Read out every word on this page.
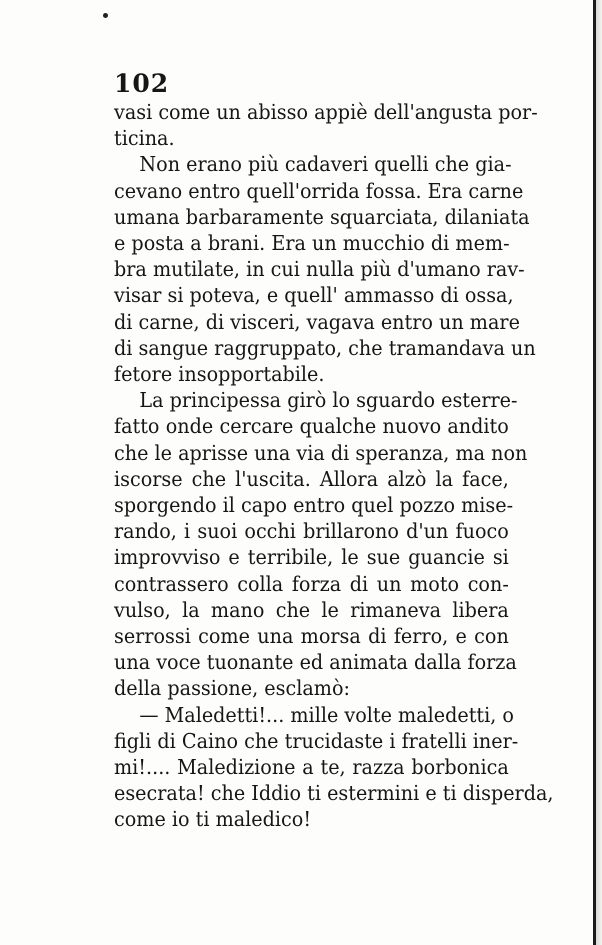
102
vasi come un abisso appiè dell'angusta por-
ticina.
Non erano più cadaveri quelli che gia-
cevano entro quell'orrida fossa. Era carne
umana barbaramente squarciata, dilaniata
e posta a brani. Era un mucchio di mem-
bra mutilate, in cui nulla più d'umano rav-
visar si poteva, e quell' ammasso di ossa,
di carne, di visceri, vagava entro un mare
di sangue raggruppato, che tramandava un
fetore insopportabile.
La principessa girò lo sguardo esterre-
fatto onde cercare qualche nuovo andito
che le aprisse una via di speranza, ma non
iscorse che l'uscita. Allora alzò la face,
sporgendo il capo entro quel pozzo mise-
rando, i suoi occhi brillarono d'un fuoco
improvviso e terribile, le sue guancie si
contrassero colla forza di un moto con-
vulso, la mano che le rimaneva libera
serrossi come una morsa di ferro, e con
una voce tuonante ed animata dalla forza
della passione, esclamò:
— Maledetti!... mille volte maledetti, o
figli di Caino che trucidaste i fratelli iner-
mi!.... Maledizione a te, razza borbonica
esecrata! che Iddio ti estermini e ti disperda,
come io ti maledico!
